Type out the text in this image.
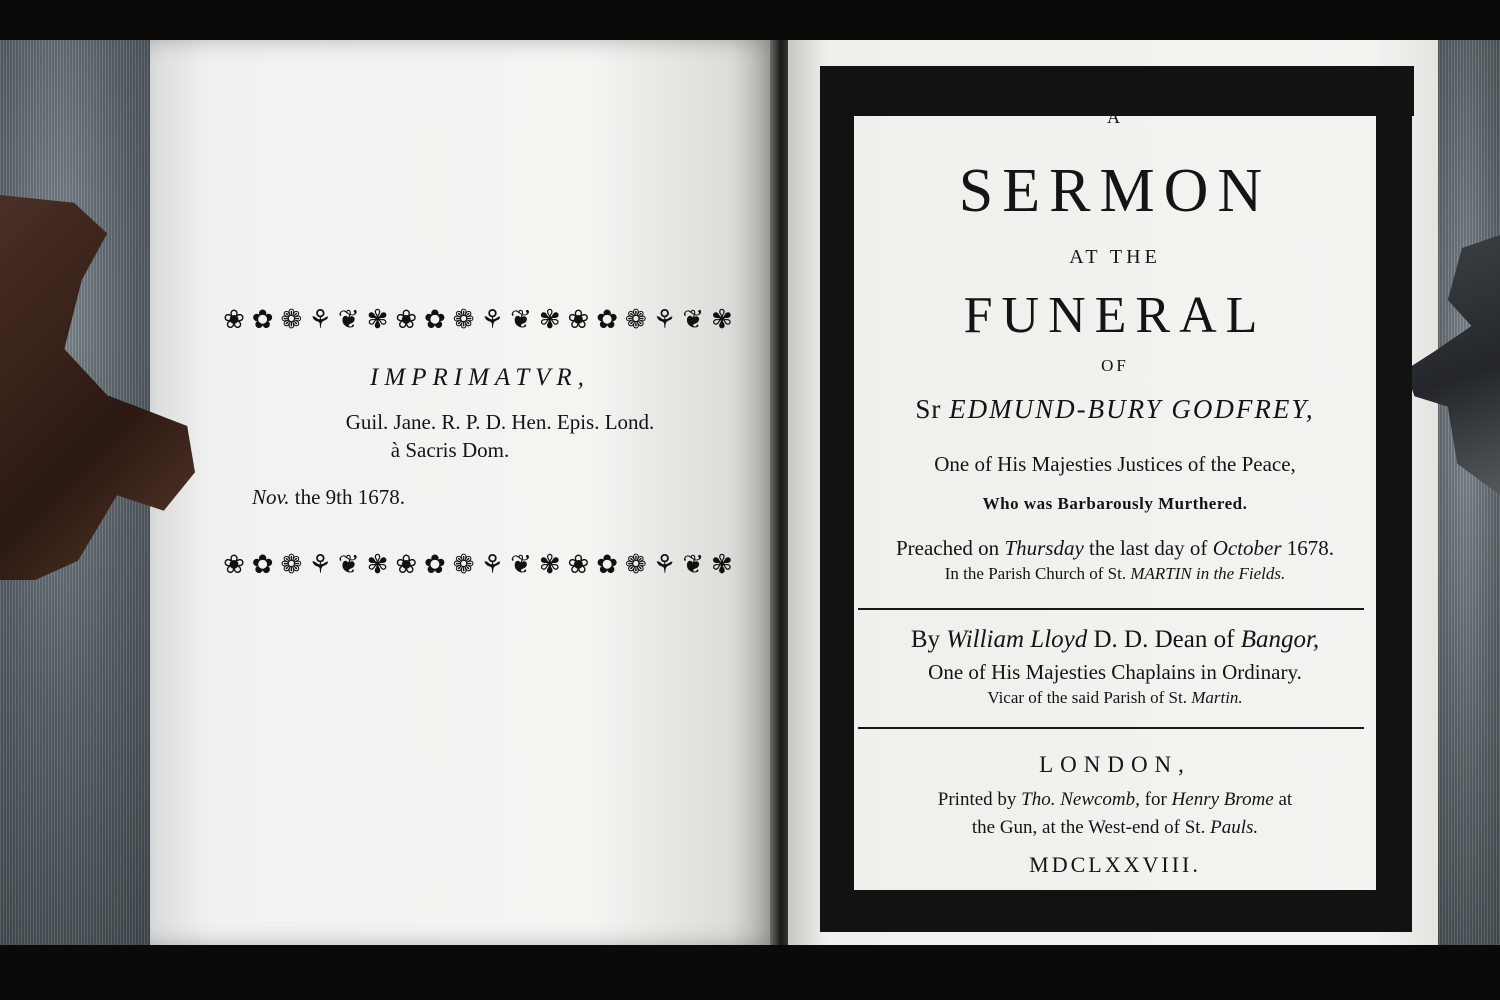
❀ ✿ ❁ ⚘ ❦ ✾ ❀ ✿ ❁ ⚘ ❦ ✾ ❀ ✿ ❁ ⚘ ❦ ✾
IMPRIMATVR,
Guil. Jane. R. P. D. Hen. Epis. Lond.
à Sacris Dom.
Nov. the 9th 1678.
❀ ✿ ❁ ⚘ ❦ ✾ ❀ ✿ ❁ ⚘ ❦ ✾ ❀ ✿ ❁ ⚘ ❦ ✾
A
SERMON
AT THE
FUNERAL
OF
Sr EDMUND-BURY GODFREY,
One of His Majesties Justices of the Peace,
Who was Barbarously Murthered.
Preached on Thursday the last day of October 1678.
In the Parish Church of St. MARTIN in the Fields.
By William Lloyd D. D. Dean of Bangor,
One of His Majesties Chaplains in Ordinary.
Vicar of the said Parish of St. Martin.
LONDON,
Printed by Tho. Newcomb, for Henry Brome at
the Gun, at the West-end of St. Pauls.
MDCLXXVIII.
